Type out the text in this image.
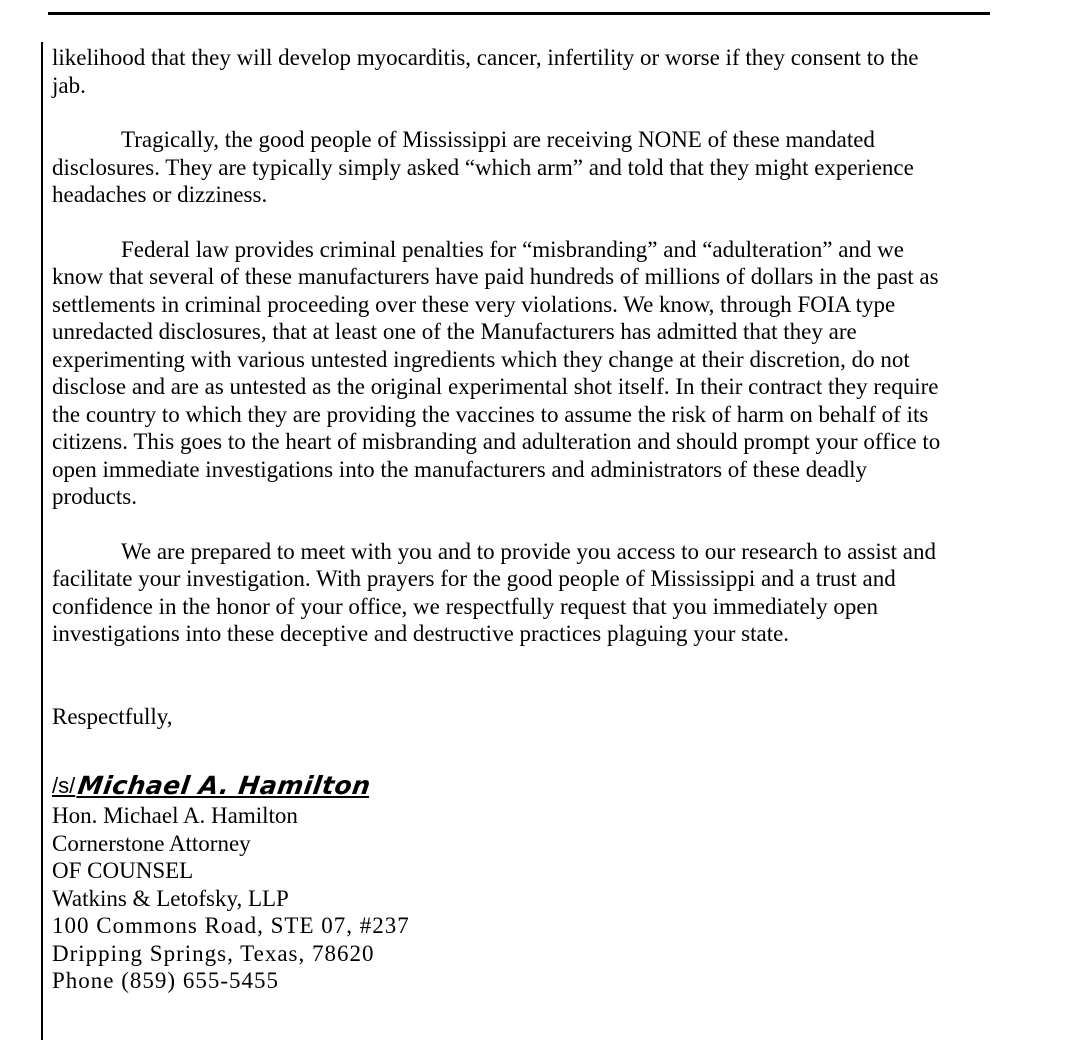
likelihood that they will develop myocarditis, cancer, infertility or worse if they consent to the
jab.

Tragically, the good people of Mississippi are receiving NONE of these mandated
disclosures. They are typically simply asked “which arm” and told that they might experience
headaches or dizziness.

Federal law provides criminal penalties for “misbranding” and “adulteration” and we
know that several of these manufacturers have paid hundreds of millions of dollars in the past as
settlements in criminal proceeding over these very violations. We know, through FOIA type
unredacted disclosures, that at least one of the Manufacturers has admitted that they are
experimenting with various untested ingredients which they change at their discretion, do not
disclose and are as untested as the original experimental shot itself. In their contract they require
the country to which they are providing the vaccines to assume the risk of harm on behalf of its
citizens. This goes to the heart of misbranding and adulteration and should prompt your office to
open immediate investigations into the manufacturers and administrators of these deadly
products.

We are prepared to meet with you and to provide you access to our research to assist and
facilitate your investigation. With prayers for the good people of Mississippi and a trust and
confidence in the honor of your office, we respectfully request that you immediately open
investigations into these deceptive and destructive practices plaguing your state.

Respectfully,

/s/ Michael A. Hamilton

Hon. Michael A. Hamilton
Cornerstone Attorney
OF COUNSEL
Watkins & Letofsky, LLP
100 Commons Road, STE 07, #237
Dripping Springs, Texas, 78620
Phone (859) 655-5455
